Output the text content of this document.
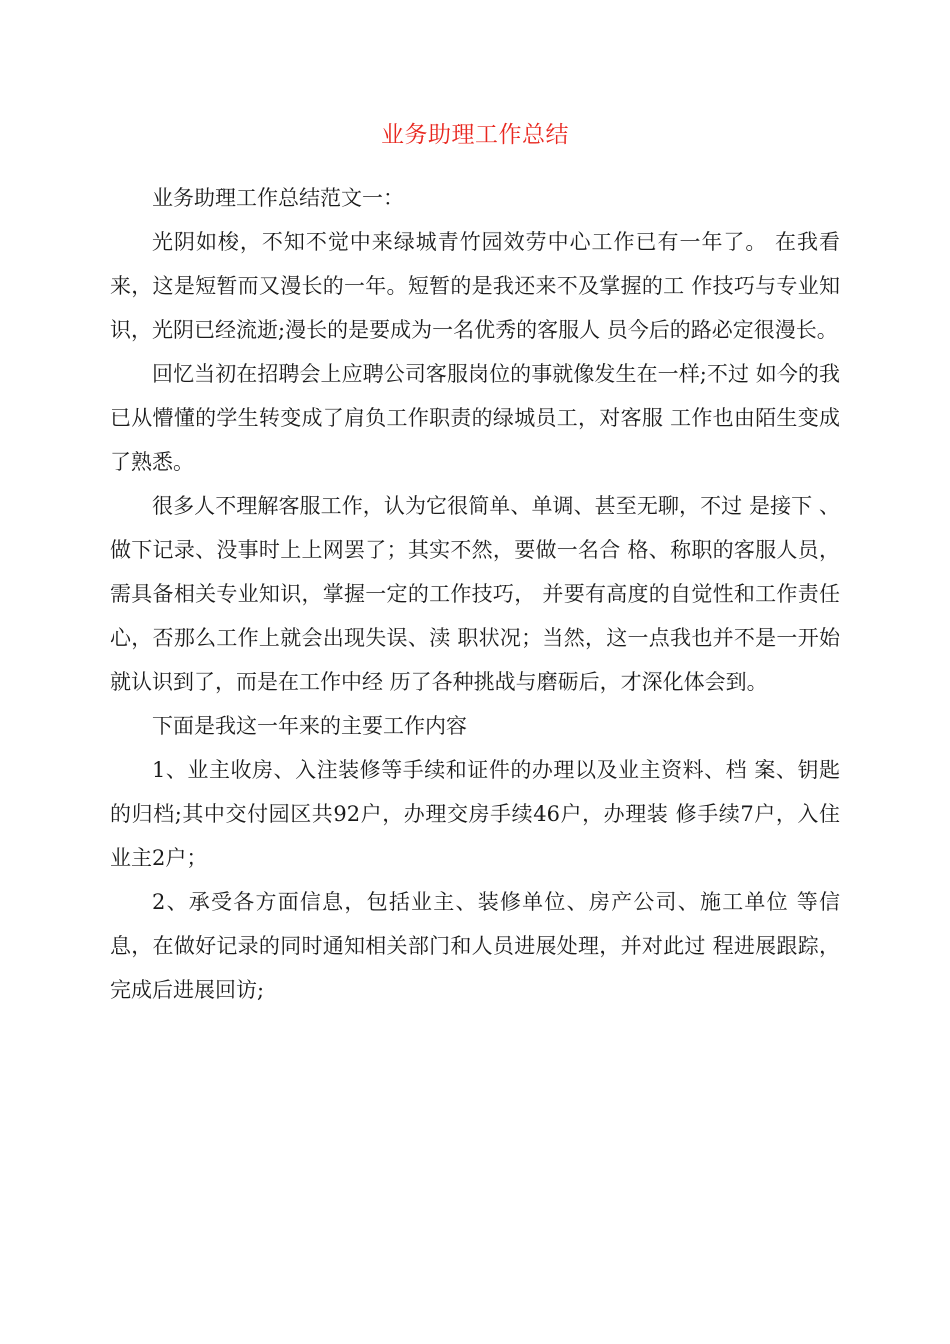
业务助理工作总结

业务助理工作总结范文一：

光阴如梭，不知不觉中来绿城青竹园效劳中心工作已有一年了。 在我看来，这是短暂而又漫长的一年。短暂的是我还来不及掌握的工 作技巧与专业知识，光阴已经流逝;漫长的是要成为一名优秀的客服人 员今后的路必定很漫长。

回忆当初在招聘会上应聘公司客服岗位的事就像发生在一样;不过 如今的我已从懵懂的学生转变成了肩负工作职责的绿城员工，对客服 工作也由陌生变成了熟悉。

很多人不理解客服工作，认为它很简单、单调、甚至无聊，不过 是接下 、做下记录、没事时上上网罢了；其实不然，要做一名合 格、称职的客服人员，需具备相关专业知识，掌握一定的工作技巧， 并要有高度的自觉性和工作责任心，否那么工作上就会出现失误、渎 职状况；当然，这一点我也并不是一开始就认识到了，而是在工作中经 历了各种挑战与磨砺后，才深化体会到。

下面是我这一年来的主要工作内容

1、业主收房、入注装修等手续和证件的办理以及业主资料、档 案、钥匙的归档;其中交付园区共92户，办理交房手续46户，办理装 修手续7户，入住业主2户；

2、承受各方面信息，包括业主、装修单位、房产公司、施工单位 等信息，在做好记录的同时通知相关部门和人员进展处理，并对此过 程进展跟踪，完成后进展回访;
